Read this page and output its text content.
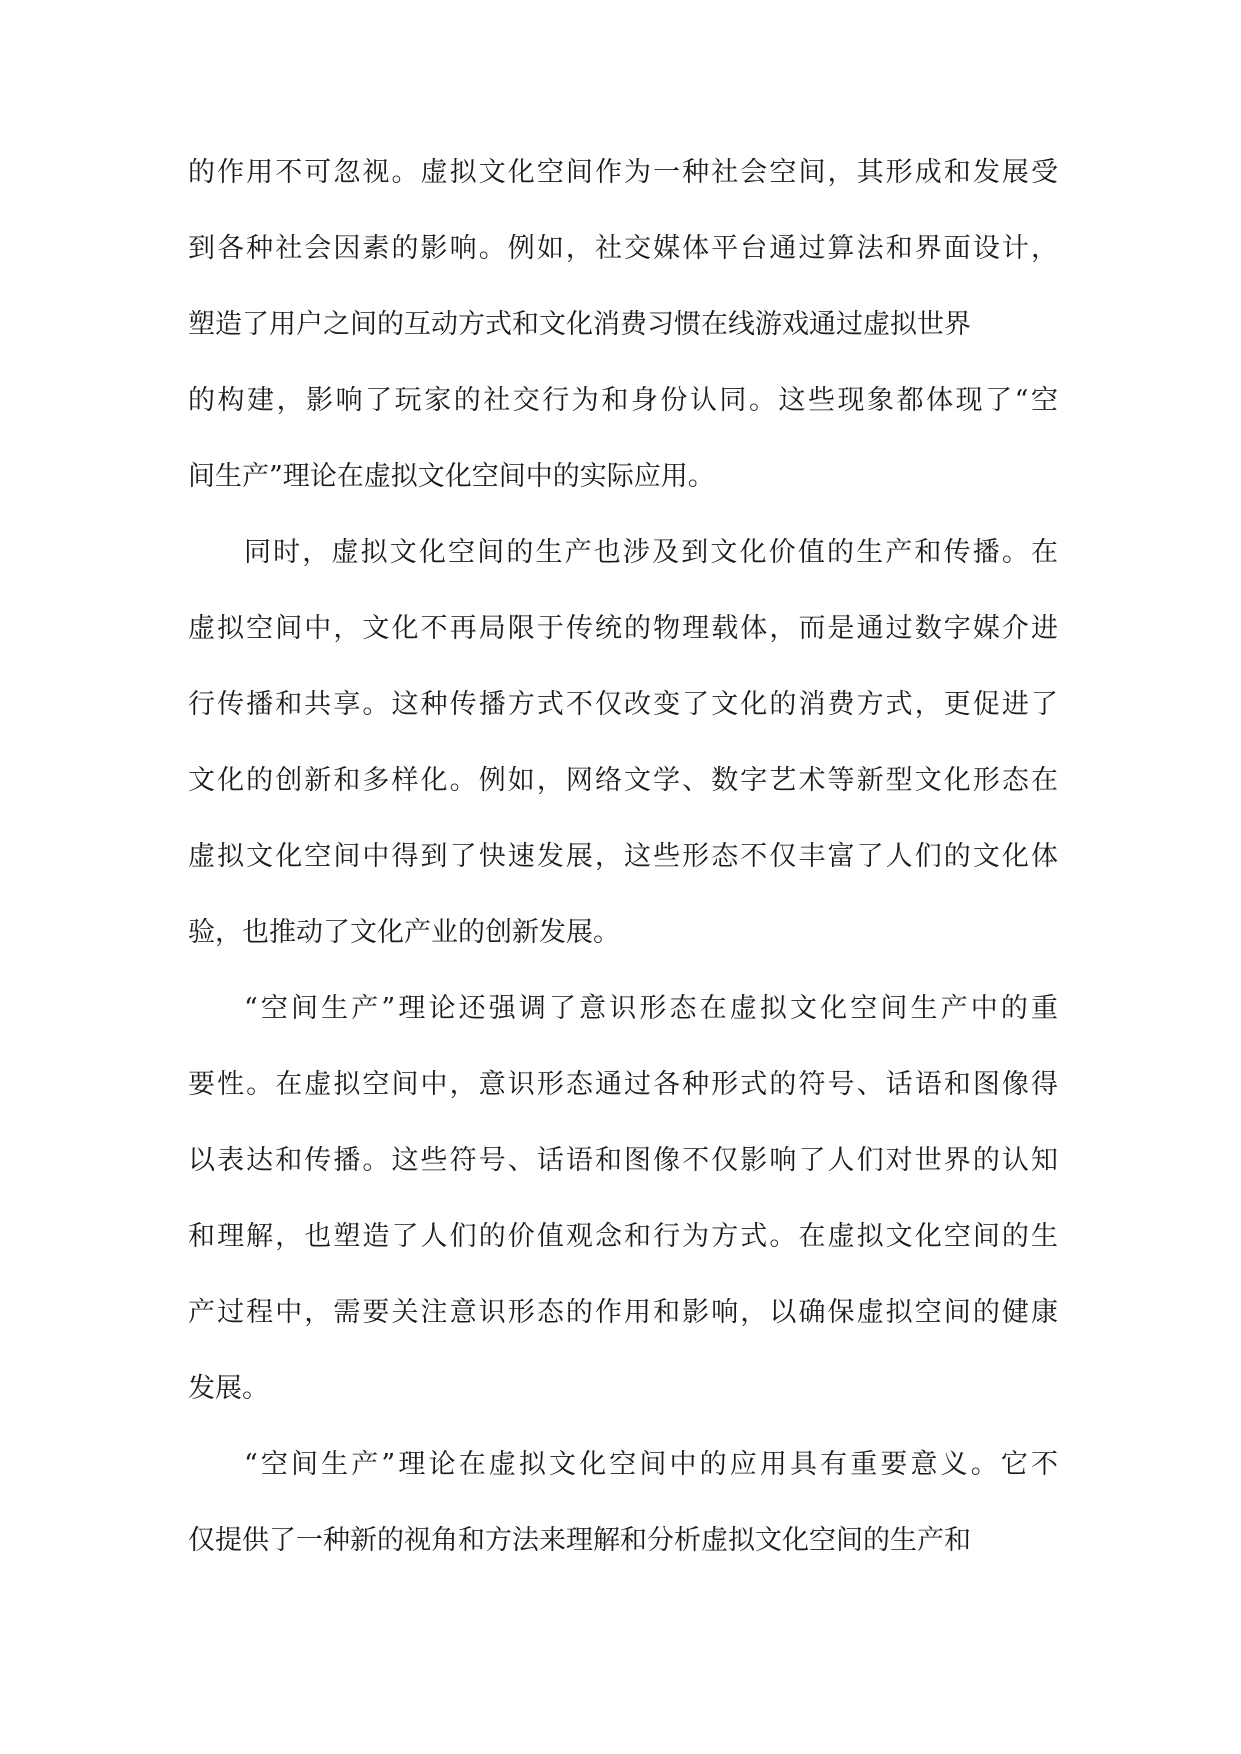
的作用不可忽视。虚拟文化空间作为一种社会空间，其形成和发展受
到各种社会因素的影响。例如，社交媒体平台通过算法和界面设计，
塑造了用户之间的互动方式和文化消费习惯在线游戏通过虚拟世界
的构建，影响了玩家的社交行为和身份认同。这些现象都体现了“空
间生产”理论在虚拟文化空间中的实际应用。
同时，虚拟文化空间的生产也涉及到文化价值的生产和传播。在
虚拟空间中，文化不再局限于传统的物理载体，而是通过数字媒介进
行传播和共享。这种传播方式不仅改变了文化的消费方式，更促进了
文化的创新和多样化。例如，网络文学、数字艺术等新型文化形态在
虚拟文化空间中得到了快速发展，这些形态不仅丰富了人们的文化体
验，也推动了文化产业的创新发展。
“空间生产”理论还强调了意识形态在虚拟文化空间生产中的重
要性。在虚拟空间中，意识形态通过各种形式的符号、话语和图像得
以表达和传播。这些符号、话语和图像不仅影响了人们对世界的认知
和理解，也塑造了人们的价值观念和行为方式。在虚拟文化空间的生
产过程中，需要关注意识形态的作用和影响，以确保虚拟空间的健康
发展。
“空间生产”理论在虚拟文化空间中的应用具有重要意义。它不
仅提供了一种新的视角和方法来理解和分析虚拟文化空间的生产和
